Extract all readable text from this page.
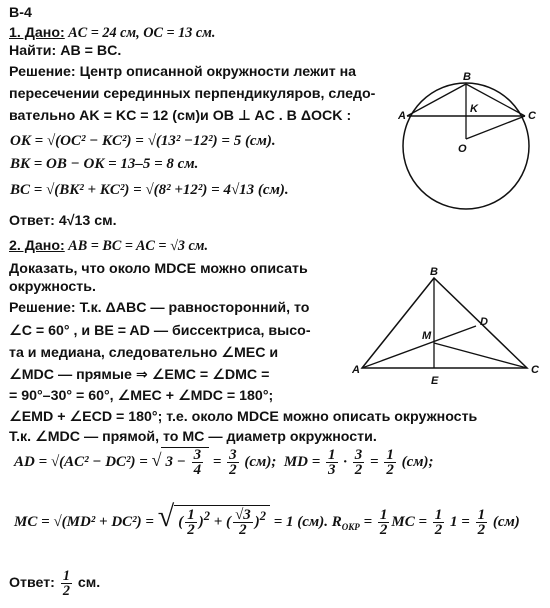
B-4
1. Дано: AC = 24 см, OC = 13 см.
Найти: AB = BC.
Решение: Центр описанной окружности лежит на
пересечении серединных перпендикуляров, следо-
вательно AK = KC = 12 (см)и OB ⊥ AC . В ΔOCK :
OK = √(OC² − KC²) = √(13² −12²) = 5 (см).
BK = OB − OK = 13–5 = 8 см.
BC = √(BK² + KC²) = √(8² +12²) = 4√13 (см).
Ответ: 4√13 см.
A
B
C
K
O
2. Дано: AB = BC = AC = √3 см.
Доказать, что около MDCE можно описать
окружность.
Решение: Т.к. ΔABC — равносторонний, то
∠C = 60° , и BE = AD — биссектриса, высо-
та и медиана, следовательно ∠MEC и
∠MDC — прямые ⇒ ∠EMC = ∠DMC =
= 90°–30° = 60°, ∠MEC + ∠MDC = 180°;
∠EMD + ∠ECD = 180°; т.е. около MDCE можно описать окружность
Т.к. ∠MDC — прямой, то MC — диаметр окружности.
B
A	C
D
E
M
AD = √(AC² − DC²) = √ $3 - \frac{3}{4} = \frac{3}{2} (см)$; MD = $\frac{1}{3} \cdot \frac{3}{2} = \frac{1}{2} (см)$;
MC = √(MD² + DC²) = √ ( $\frac{1}{2} )^2$ + ( $\frac{√3}{2} )^2 = 1$ (см). $R_{ОКР} = \frac{1}{2}$ MC = $\frac{1}{2} 1 = \frac{1}{2} (см)$
Ответ: $\frac{1}{2}$ см.
